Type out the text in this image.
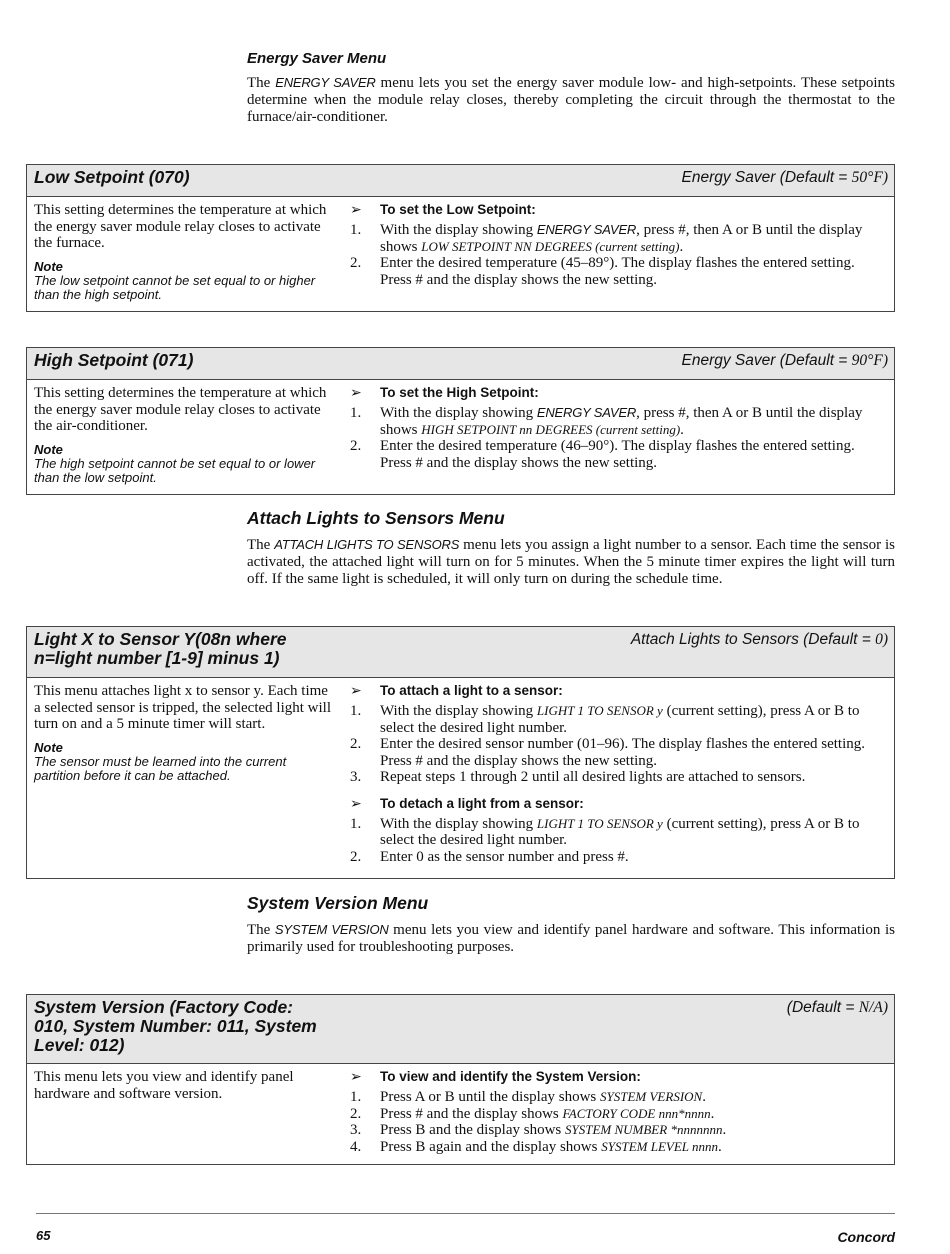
Energy Saver Menu
The ENERGY SAVER menu lets you set the energy saver module low- and high-setpoints. These setpoints determine when the module relay closes, thereby completing the circuit through the thermostat to the furnace/air-conditioner.
Low Setpoint (070)	Energy Saver (Default = 50°F)
This setting determines the temperature at which the energy saver module relay closes to activate the furnace.
Note
The low setpoint cannot be set equal to or higher than the high setpoint.
➢ To set the Low Setpoint:
1. With the display showing ENERGY SAVER, press #, then A or B until the display shows LOW SETPOINT NN DEGREES (current setting).
2. Enter the desired temperature (45–89°). The display flashes the entered setting. Press # and the display shows the new setting.
High Setpoint (071)	Energy Saver (Default = 90°F)
This setting determines the temperature at which the energy saver module relay closes to activate the air-conditioner.
Note
The high setpoint cannot be set equal to or lower than the low setpoint.
➢ To set the High Setpoint:
1. With the display showing ENERGY SAVER, press #, then A or B until the display shows HIGH SETPOINT nn DEGREES (current setting).
2. Enter the desired temperature (46–90°). The display flashes the entered setting. Press # and the display shows the new setting.
Attach Lights to Sensors Menu
The ATTACH LIGHTS TO SENSORS menu lets you assign a light number to a sensor. Each time the sensor is activated, the attached light will turn on for 5 minutes. When the 5 minute timer expires the light will turn off. If the same light is scheduled, it will only turn on during the schedule time.
Light X to Sensor Y(08n where
n=light number [1-9] minus 1)
Attach Lights to Sensors (Default = 0)
This menu attaches light x to sensor y. Each time a selected sensor is tripped, the selected light will turn on and a 5 minute timer will start.
Note
The sensor must be learned into the current partition before it can be attached.
➢ To attach a light to a sensor:
1. With the display showing LIGHT 1 TO SENSOR y (current setting), press A or B to select the desired light number.
2. Enter the desired sensor number (01–96). The display flashes the entered setting. Press # and the display shows the new setting.
3. Repeat steps 1 through 2 until all desired lights are attached to sensors.
➢ To detach a light from a sensor:
1. With the display showing LIGHT 1 TO SENSOR y (current setting), press A or B to select the desired light number.
2. Enter 0 as the sensor number and press #.
System Version Menu
The SYSTEM VERSION menu lets you view and identify panel hardware and software. This information is primarily used for troubleshooting purposes.
System Version (Factory Code:
010, System Number: 011, System
Level: 012)
(Default = N/A)
This menu lets you view and identify panel hardware and software version.
➢ To view and identify the System Version:
1. Press A or B until the display shows SYSTEM VERSION.
2. Press # and the display shows FACTORY CODE nnn*nnnn.
3. Press B and the display shows SYSTEM NUMBER *nnnnnnn.
4. Press B again and the display shows SYSTEM LEVEL nnnn.
65	Concord
